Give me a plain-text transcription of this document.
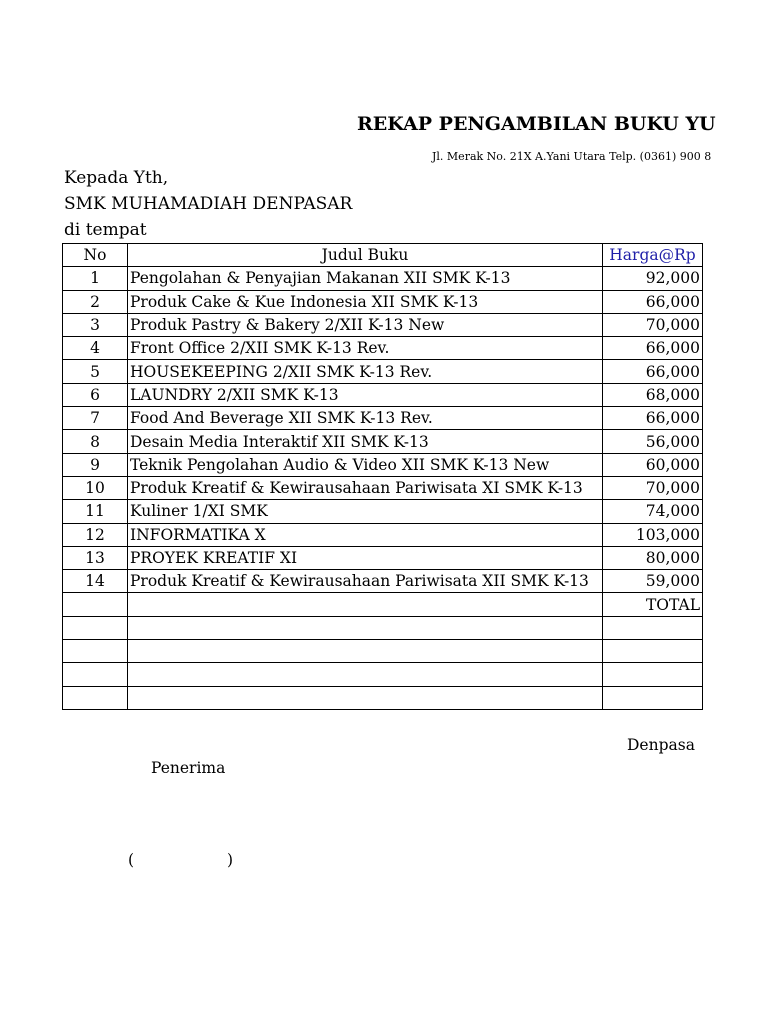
REKAP PENGAMBILAN BUKU YU
Jl. Merak No. 21X A.Yani Utara Telp. (0361) 900 8
Kepada Yth,
SMK MUHAMADIAH DENPASAR
di tempat
No	Judul Buku	Harga@Rp
1	Pengolahan & Penyajian Makanan XII SMK K-13	92,000
2	Produk Cake & Kue Indonesia XII SMK K-13	66,000
3	Produk Pastry & Bakery 2/XII K-13 New	70,000
4	Front Office 2/XII SMK K-13 Rev.	66,000
5	HOUSEKEEPING 2/XII SMK K-13 Rev.	66,000
6	LAUNDRY 2/XII SMK K-13	68,000
7	Food And Beverage XII SMK K-13 Rev.	66,000
8	Desain Media Interaktif XII SMK K-13	56,000
9	Teknik Pengolahan Audio & Video XII SMK K-13 New	60,000
10	Produk Kreatif & Kewirausahaan Pariwisata XI SMK K-13	70,000
11	Kuliner 1/XI SMK	74,000
12	INFORMATIKA X	103,000
13	PROYEK KREATIF XI	80,000
14	Produk Kreatif & Kewirausahaan Pariwisata XII SMK K-13	59,000
		TOTAL

Denpasa
Penerima
(	)
